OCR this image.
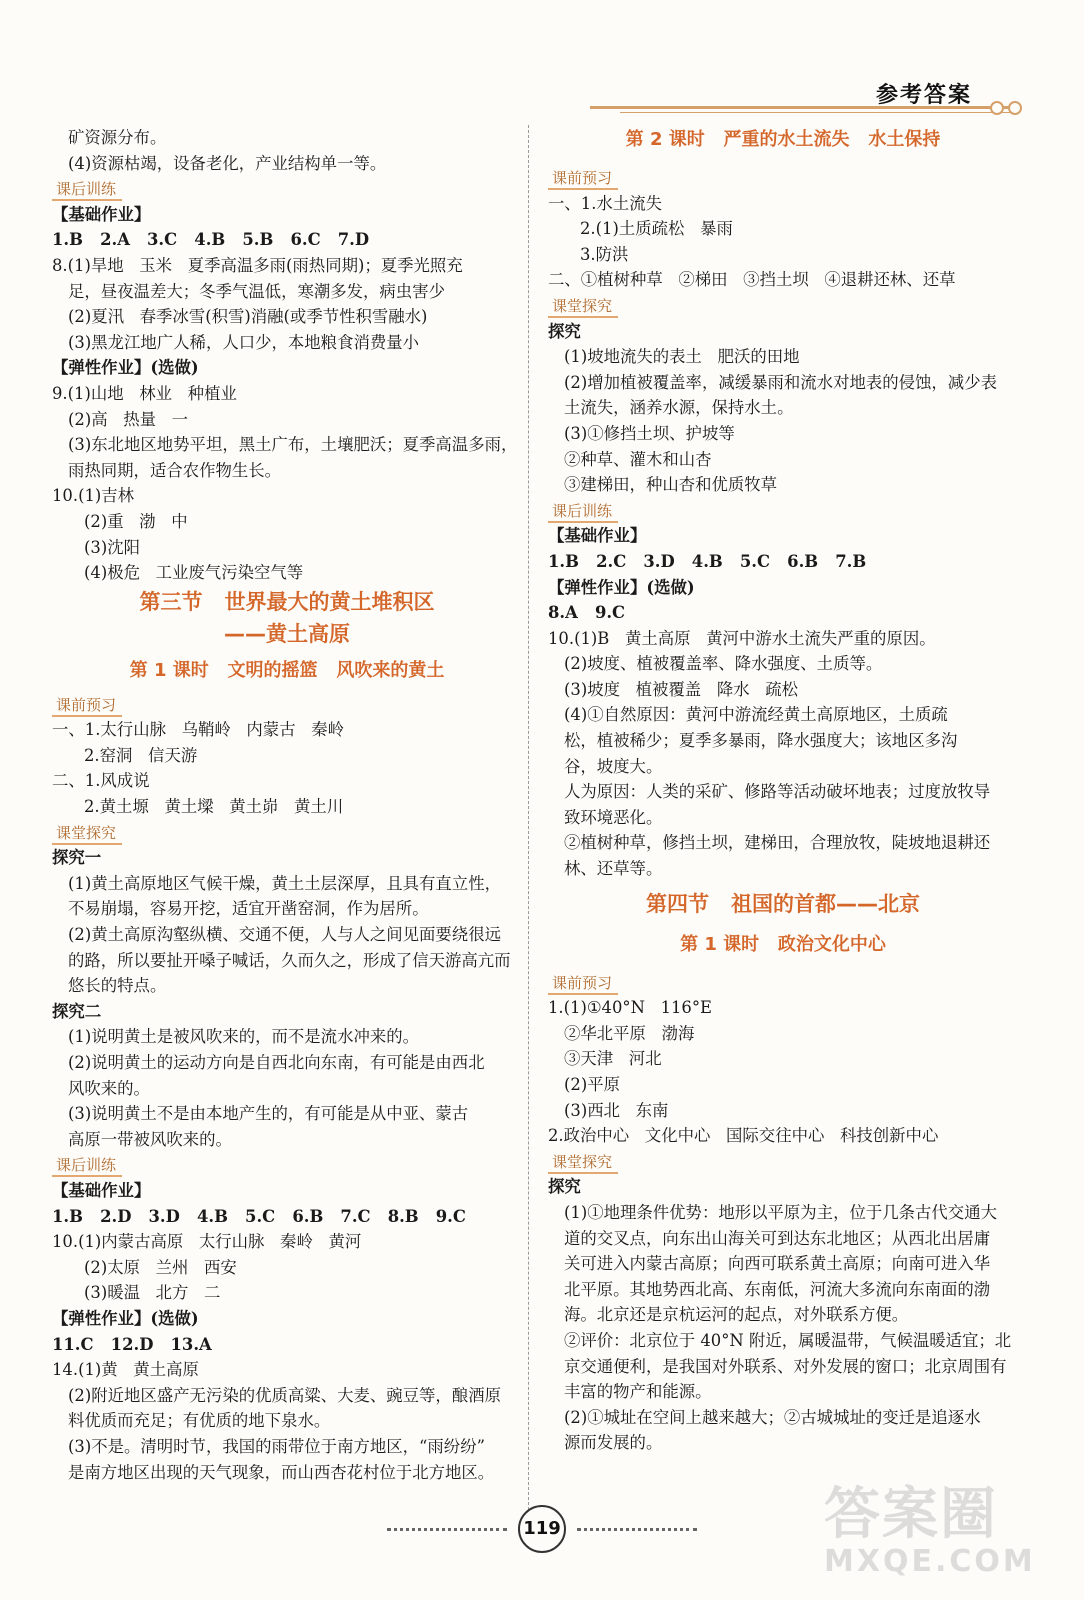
参考答案
矿资源分布。
(4)资源枯竭，设备老化，产业结构单一等。
课后训练
【基础作业】
1.B   2.A   3.C   4.B   5.B   6.C   7.D
8.(1)旱地   玉米   夏季高温多雨(雨热同期)；夏季光照充
足，昼夜温差大；冬季气温低，寒潮多发，病虫害少
(2)夏汛   春季冰雪(积雪)消融(或季节性积雪融水)
(3)黑龙江地广人稀，人口少，本地粮食消费量小
【弹性作业】(选做)
9.(1)山地   林业   种植业
(2)高   热量   一
(3)东北地区地势平坦，黑土广布，土壤肥沃；夏季高温多雨，
雨热同期，适合农作物生长。
10.(1)吉林
(2)重   渤   中
(3)沈阳
(4)极危   工业废气污染空气等
第三节   世界最大的黄土堆积区
——黄土高原
第 1 课时   文明的摇篮   风吹来的黄土
课前预习
一、1.太行山脉   乌鞘岭   内蒙古   秦岭
2.窑洞   信天游
二、1.风成说
2.黄土塬   黄土墚   黄土峁   黄土川
课堂探究
探究一
(1)黄土高原地区气候干燥，黄土土层深厚，且具有直立性，
不易崩塌，容易开挖，适宜开凿窑洞，作为居所。
(2)黄土高原沟壑纵横、交通不便，人与人之间见面要绕很远
的路，所以要扯开嗓子喊话，久而久之，形成了信天游高亢而
悠长的特点。
探究二
(1)说明黄土是被风吹来的，而不是流水冲来的。
(2)说明黄土的运动方向是自西北向东南，有可能是由西北
风吹来的。
(3)说明黄土不是由本地产生的，有可能是从中亚、蒙古
高原一带被风吹来的。
课后训练
【基础作业】
1.B   2.D   3.D   4.B   5.C   6.B   7.C   8.B   9.C
10.(1)内蒙古高原   太行山脉   秦岭   黄河
(2)太原   兰州   西安
(3)暖温   北方   二
【弹性作业】(选做)
11.C   12.D   13.A
14.(1)黄   黄土高原
(2)附近地区盛产无污染的优质高粱、大麦、豌豆等，酿酒原
料优质而充足；有优质的地下泉水。
(3)不是。清明时节，我国的雨带位于南方地区，“雨纷纷”
是南方地区出现的天气现象，而山西杏花村位于北方地区。
第 2 课时   严重的水土流失   水土保持
课前预习
一、1.水土流失
2.(1)土质疏松   暴雨
3.防洪
二、①植树种草   ②梯田   ③挡土坝   ④退耕还林、还草
课堂探究
探究
(1)坡地流失的表土   肥沃的田地
(2)增加植被覆盖率，减缓暴雨和流水对地表的侵蚀，减少表
土流失，涵养水源，保持水土。
(3)①修挡土坝、护坡等
②种草、灌木和山杏
③建梯田，种山杏和优质牧草
课后训练
【基础作业】
1.B   2.C   3.D   4.B   5.C   6.B   7.B
【弹性作业】(选做)
8.A   9.C
10.(1)B   黄土高原   黄河中游水土流失严重的原因。
(2)坡度、植被覆盖率、降水强度、土质等。
(3)坡度   植被覆盖   降水   疏松
(4)①自然原因：黄河中游流经黄土高原地区，土质疏
松，植被稀少；夏季多暴雨，降水强度大；该地区多沟
谷，坡度大。
人为原因：人类的采矿、修路等活动破坏地表；过度放牧导
致环境恶化。
②植树种草，修挡土坝，建梯田，合理放牧，陡坡地退耕还
林、还草等。
第四节   祖国的首都——北京
第 1 课时   政治文化中心
课前预习
1.(1)①40°N   116°E
②华北平原   渤海
③天津   河北
(2)平原
(3)西北   东南
2.政治中心   文化中心   国际交往中心   科技创新中心
课堂探究
探究
(1)①地理条件优势：地形以平原为主，位于几条古代交通大
道的交叉点，向东出山海关可到达东北地区；从西北出居庸
关可进入内蒙古高原；向西可联系黄土高原；向南可进入华
北平原。其地势西北高、东南低，河流大多流向东南面的渤
海。北京还是京杭运河的起点，对外联系方便。
②评价：北京位于 40°N 附近，属暖温带，气候温暖适宜；北
京交通便利，是我国对外联系、对外发展的窗口；北京周围有
丰富的物产和能源。
(2)①城址在空间上越来越大；②古城城址的变迁是追逐水
源而发展的。
119	答案圈
MXQE.COM
